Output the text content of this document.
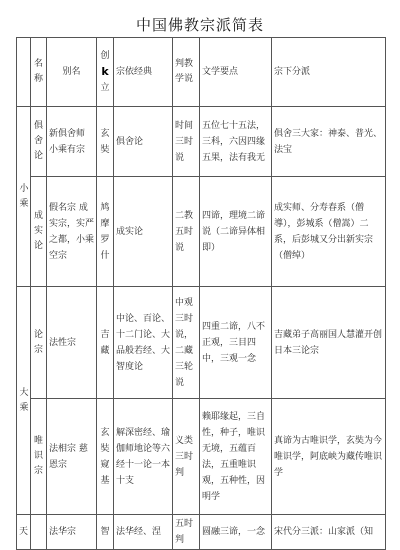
中国佛教宗派简表
	名称	别名	创
k
立	宗依经典	判教学说	文学要点	宗下分派
小乘	俱舍论	新俱舍师 小乘有宗	玄奘	俱舍论	时间三时说	五位七十五法，三科，六因四缘五果，法有我无	俱舍三大家：神泰、普光、法宝
	成实论	假名宗 成实宗，实严之都，小乘空宗	鸠摩罗什	成实论	二教五时说	四谛，理境二谛说（二谛异体相即）	成实师、分寿春系（僧導），彭城系（僧嵩）二系，后彭城又分出新实宗（僧绰）
大乘	论宗	法性宗	吉藏	中论、百论、十二门论、大品般若经、大智度论	中观三时说，二藏三轮说	四重二谛，八不正观，三目四中，三观一念	吉藏弟子高丽国人慧灌开创日本三论宗
	唯识宗	法相宗 慈恩宗	玄奘窥基	解深密经、瑜伽师地论等六经十一论一本十支	义类三时判	赖耶缘起，三自性，种子，唯识无境，五蕴百法，五重唯识观，五种性，因明学	真谛为古唯识学，玄奘为今唯识学，阿底峡为藏传唯识学
天		法华宗	智	法华经、涅	五时判	圆融三谛，一念	宋代分三派：山家派（知
